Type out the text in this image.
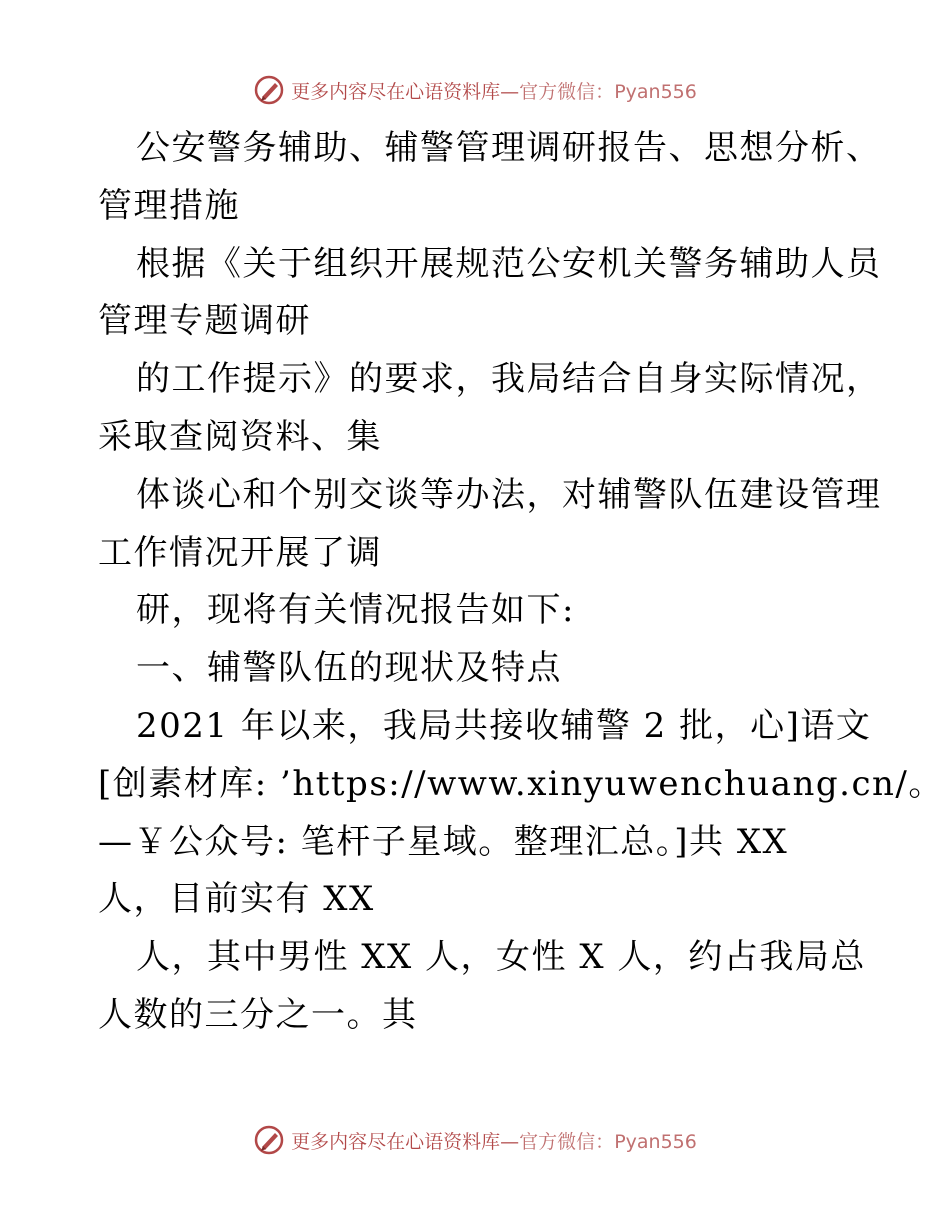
更多内容尽在心语资料库—官方微信：Pyan556
公安警务辅助、辅警管理调研报告、思想分析、
管理措施
根据《关于组织开展规范公安机关警务辅助人员
管理专题调研
的工作提示》的要求，我局结合自身实际情况，
采取查阅资料、集
体谈心和个别交谈等办法，对辅警队伍建设管理
工作情况开展了调
研，现将有关情况报告如下:
一、辅警队伍的现状及特点
2021 年以来，我局共接收辅警 2 批，心]语文
[创素材库: ’https://www.xinyuwenchuang.cn/。
—￥公众号: 笔杆子星域。整理汇总。]共 XX
人，目前实有 XX
人，其中男性 XX 人，女性 X 人，约占我局总
人数的三分之一。其
更多内容尽在心语资料库—官方微信：Pyan556
